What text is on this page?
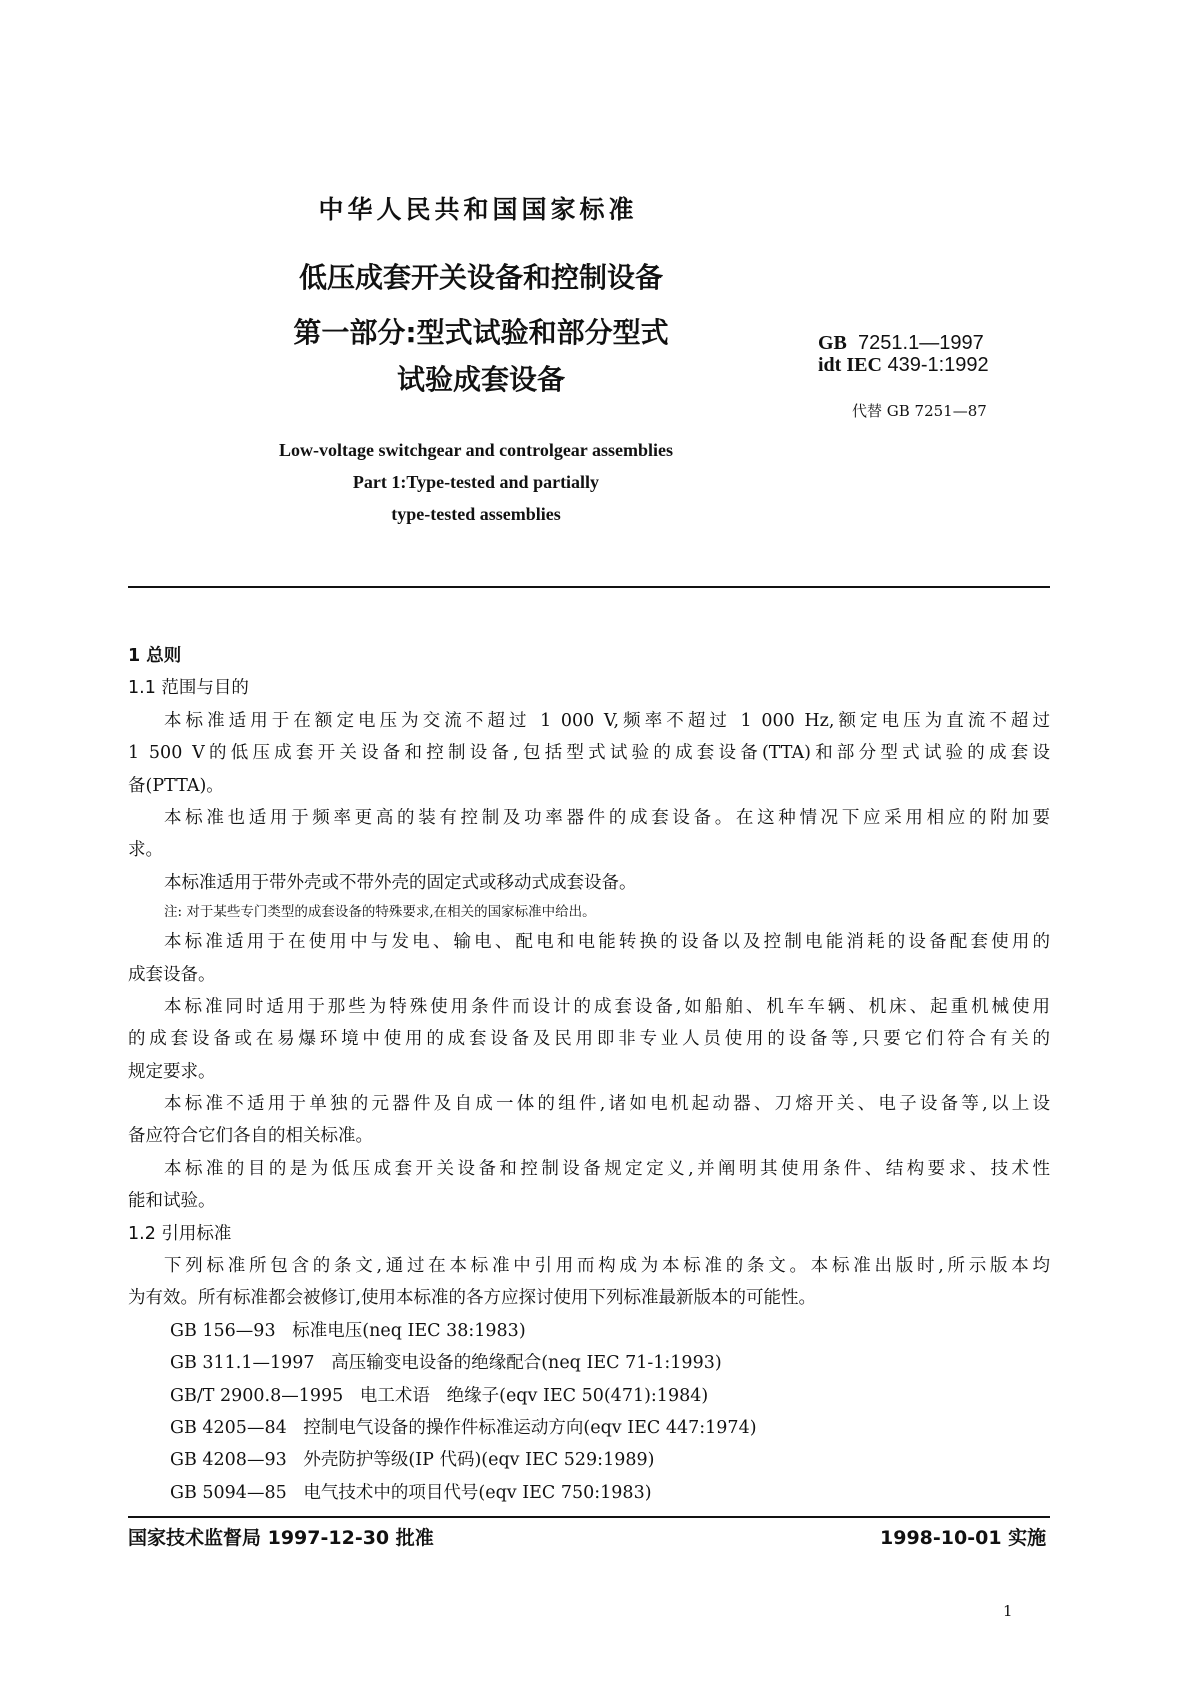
中华人民共和国国家标准
低压成套开关设备和控制设备
第一部分:型式试验和部分型式
试验成套设备
GB 7251.1—1997
idt IEC 439-1:1992
代替 GB 7251—87
Low-voltage switchgear and controlgear assemblies
Part 1:Type-tested and partially
type-tested assemblies
1 总则
1.1 范围与目的
本标准适用于在额定电压为交流不超过 1 000 V,频率不超过 1 000 Hz,额定电压为直流不超过
1 500 V的低压成套开关设备和控制设备,包括型式试验的成套设备(TTA)和部分型式试验的成套设
备(PTTA)。
本标准也适用于频率更高的装有控制及功率器件的成套设备。在这种情况下应采用相应的附加要
求。
本标准适用于带外壳或不带外壳的固定式或移动式成套设备。
注: 对于某些专门类型的成套设备的特殊要求,在相关的国家标准中给出。
本标准适用于在使用中与发电、输电、配电和电能转换的设备以及控制电能消耗的设备配套使用的
成套设备。
本标准同时适用于那些为特殊使用条件而设计的成套设备,如船舶、机车车辆、机床、起重机械使用
的成套设备或在易爆环境中使用的成套设备及民用即非专业人员使用的设备等,只要它们符合有关的
规定要求。
本标准不适用于单独的元器件及自成一体的组件,诸如电机起动器、刀熔开关、电子设备等,以上设
备应符合它们各自的相关标准。
本标准的目的是为低压成套开关设备和控制设备规定定义,并阐明其使用条件、结构要求、技术性
能和试验。
1.2 引用标准
下列标准所包含的条文,通过在本标准中引用而构成为本标准的条文。本标准出版时,所示版本均
为有效。所有标准都会被修订,使用本标准的各方应探讨使用下列标准最新版本的可能性。
GB 156—93   标准电压(neq IEC 38:1983)
GB 311.1—1997   高压输变电设备的绝缘配合(neq IEC 71-1:1993)
GB/T 2900.8—1995   电工术语   绝缘子(eqv IEC 50(471):1984)
GB 4205—84   控制电气设备的操作件标准运动方向(eqv IEC 447:1974)
GB 4208—93   外壳防护等级(IP 代码)(eqv IEC 529:1989)
GB 5094—85   电气技术中的项目代号(eqv IEC 750:1983)
国家技术监督局 1997-12-30 批准	1998-10-01 实施
1
